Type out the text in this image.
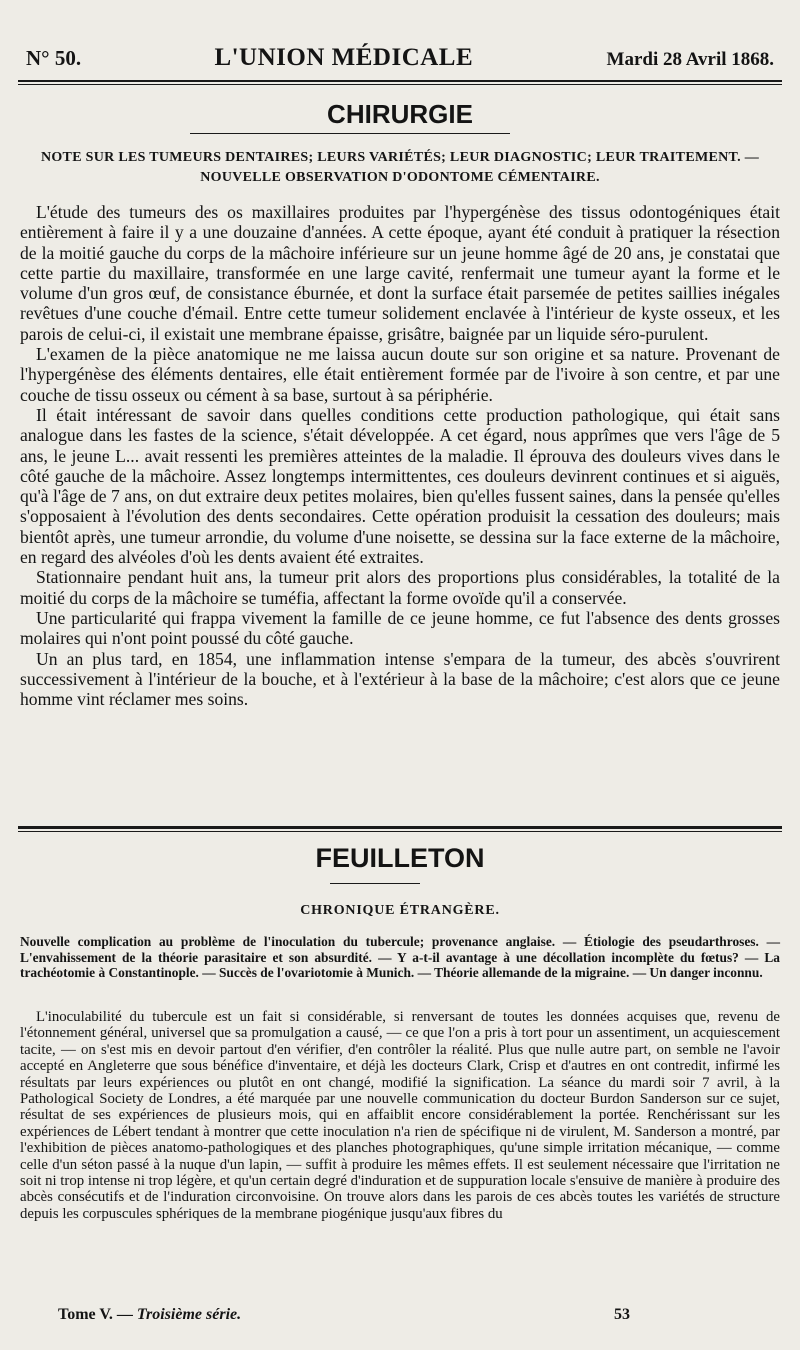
N° 50.	L'UNION MÉDICALE	Mardi 28 Avril 1868.
CHIRURGIE
NOTE SUR LES TUMEURS DENTAIRES; LEURS VARIÉTÉS; LEUR DIAGNOSTIC; LEUR TRAITEMENT. — NOUVELLE OBSERVATION D'ODONTOME CÉMENTAIRE.

L'étude des tumeurs des os maxillaires produites par l'hypergénèse des tissus odontogéniques était entièrement à faire il y a une douzaine d'années. A cette époque, ayant été conduit à pratiquer la résection de la moitié gauche du corps de la mâchoire inférieure sur un jeune homme âgé de 20 ans, je constatai que cette partie du maxillaire, transformée en une large cavité, renfermait une tumeur ayant la forme et le volume d'un gros œuf, de consistance éburnée, et dont la surface était parsemée de petites saillies inégales revêtues d'une couche d'émail. Entre cette tumeur solidement enclavée à l'intérieur de kyste osseux, et les parois de celui-ci, il existait une membrane épaisse, grisâtre, baignée par un liquide séro-purulent.

L'examen de la pièce anatomique ne me laissa aucun doute sur son origine et sa nature. Provenant de l'hypergénèse des éléments dentaires, elle était entièrement formée par de l'ivoire à son centre, et par une couche de tissu osseux ou cément à sa base, surtout à sa périphérie.

Il était intéressant de savoir dans quelles conditions cette production pathologique, qui était sans analogue dans les fastes de la science, s'était développée. A cet égard, nous apprîmes que vers l'âge de 5 ans, le jeune L... avait ressenti les premières atteintes de la maladie. Il éprouva des douleurs vives dans le côté gauche de la mâchoire. Assez longtemps intermittentes, ces douleurs devinrent continues et si aiguës, qu'à l'âge de 7 ans, on dut extraire deux petites molaires, bien qu'elles fussent saines, dans la pensée qu'elles s'opposaient à l'évolution des dents secondaires. Cette opération produisit la cessation des douleurs; mais bientôt après, une tumeur arrondie, du volume d'une noisette, se dessina sur la face externe de la mâchoire, en regard des alvéoles d'où les dents avaient été extraites.

Stationnaire pendant huit ans, la tumeur prit alors des proportions plus considérables, la totalité de la moitié du corps de la mâchoire se tuméfia, affectant la forme ovoïde qu'il a conservée.

Une particularité qui frappa vivement la famille de ce jeune homme, ce fut l'absence des dents grosses molaires qui n'ont point poussé du côté gauche.

Un an plus tard, en 1854, une inflammation intense s'empara de la tumeur, des abcès s'ouvrirent successivement à l'intérieur de la bouche, et à l'extérieur à la base de la mâchoire; c'est alors que ce jeune homme vint réclamer mes soins.

FEUILLETON
CHRONIQUE ÉTRANGÈRE.
Nouvelle complication au problème de l'inoculation du tubercule; provenance anglaise. — Étiologie des pseudarthroses. — L'envahissement de la théorie parasitaire et son absurdité. — Y a-t-il avantage à une décollation incomplète du fœtus? — La trachéotomie à Constantinople. — Succès de l'ovariotomie à Munich. — Théorie allemande de la migraine. — Un danger inconnu.

L'inoculabilité du tubercule est un fait si considérable, si renversant de toutes les données acquises que, revenu de l'étonnement général, universel que sa promulgation a causé, — ce que l'on a pris à tort pour un assentiment, un acquiescement tacite, — on s'est mis en devoir partout d'en vérifier, d'en contrôler la réalité. Plus que nulle autre part, on semble ne l'avoir accepté en Angleterre que sous bénéfice d'inventaire, et déjà les docteurs Clark, Crisp et d'autres en ont contredit, infirmé les résultats par leurs expériences ou plutôt en ont changé, modifié la signification. La séance du mardi soir 7 avril, à la Pathological Society de Londres, a été marquée par une nouvelle communication du docteur Burdon Sanderson sur ce sujet, résultat de ses expériences de plusieurs mois, qui en affaiblit encore considérablement la portée. Renchérissant sur les expériences de Lébert tendant à montrer que cette inoculation n'a rien de spécifique ni de virulent, M. Sanderson a montré, par l'exhibition de pièces anatomo-pathologiques et des planches photographiques, qu'une simple irritation mécanique, — comme celle d'un séton passé à la nuque d'un lapin, — suffit à produire les mêmes effets. Il est seulement nécessaire que l'irritation ne soit ni trop intense ni trop légère, et qu'un certain degré d'induration et de suppuration locale s'ensuive de manière à produire des abcès consécutifs et de l'induration circonvoisine. On trouve alors dans les parois de ces abcès toutes les variétés de structure depuis les corpuscules sphériques de la membrane piogénique jusqu'aux fibres du

Tome V. — Troisième série.	53
